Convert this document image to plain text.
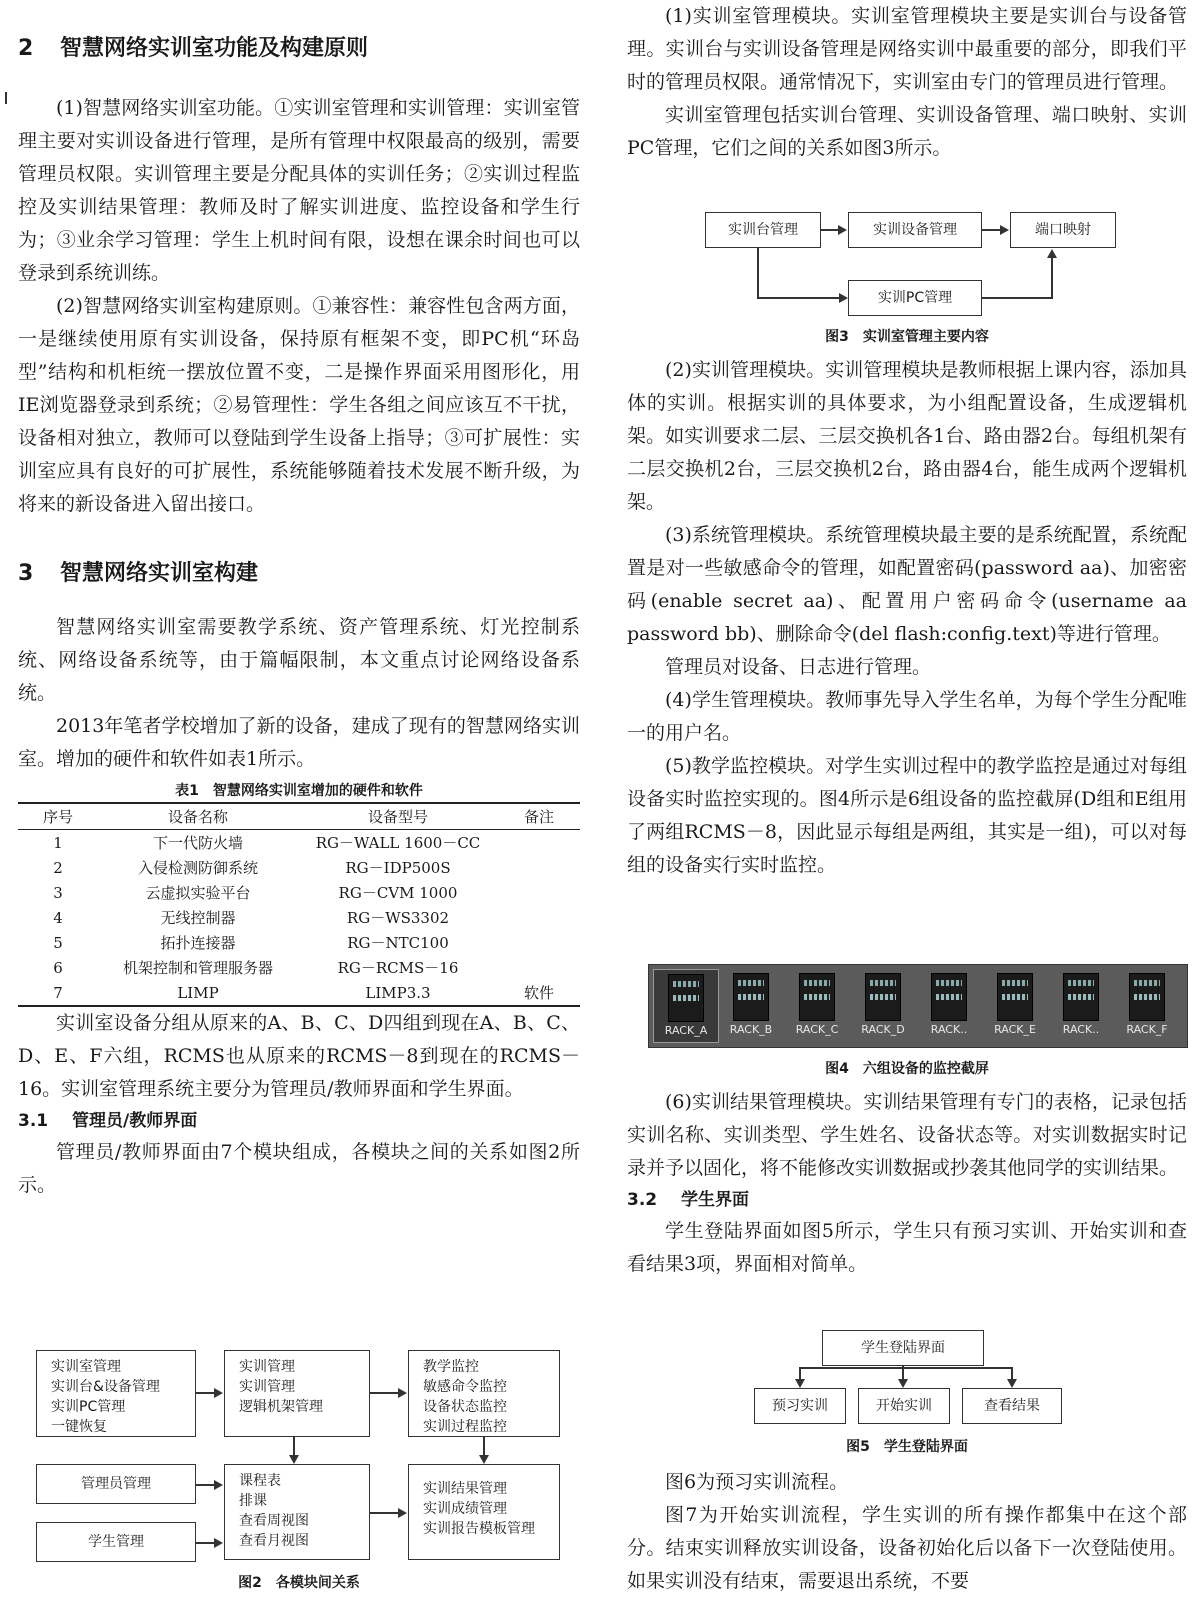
2 智慧网络实训室功能及构建原则

(1)智慧网络实训室功能。①实训室管理和实训管理：实训室管理主要对实训设备进行管理，是所有管理中权限最高的级别，需要管理员权限。实训管理主要是分配具体的实训任务；②实训过程监控及实训结果管理：教师及时了解实训进度、监控设备和学生行为；③业余学习管理：学生上机时间有限，设想在课余时间也可以登录到系统训练。

(2)智慧网络实训室构建原则。①兼容性：兼容性包含两方面，一是继续使用原有实训设备，保持原有框架不变，即PC机“环岛型”结构和机柜统一摆放位置不变，二是操作界面采用图形化，用IE浏览器登录到系统；②易管理性：学生各组之间应该互不干扰，设备相对独立，教师可以登陆到学生设备上指导；③可扩展性：实训室应具有良好的可扩展性，系统能够随着技术发展不断升级，为将来的新设备进入留出接口。

3 智慧网络实训室构建

智慧网络实训室需要教学系统、资产管理系统、灯光控制系统、网络设备系统等，由于篇幅限制，本文重点讨论网络设备系统。

2013年笔者学校增加了新的设备，建成了现有的智慧网络实训室。增加的硬件和软件如表1所示。

表1　智慧网络实训室增加的硬件和软件
序号	设备名称	设备型号	备注
1	下一代防火墙	RG－WALL 1600－CC	
2	入侵检测防御系统	RG－IDP500S	
3	云虚拟实验平台	RG－CVM 1000	
4	无线控制器	RG－WS3302	
5	拓扑连接器	RG－NTC100	
6	机架控制和管理服务器	RG－RCMS－16	
7	LIMP	LIMP3.3	软件

实训室设备分组从原来的A、B、C、D四组到现在A、B、C、D、E、F六组，RCMS也从原来的RCMS－8到现在的RCMS－16。实训室管理系统主要分为管理员/教师界面和学生界面。

3.1 管理员/教师界面

管理员/教师界面由7个模块组成，各模块之间的关系如图2所示。

实训室管理
实训台&设备管理
实训PC管理
一键恢复
实训管理
实训管理
逻辑机架管理
教学监控
敏感命令监控
设备状态监控
实训过程监控
管理员管理	课程表
排课
查看周视图
查看月视图
实训结果管理
实训成绩管理
实训报告模板管理
学生管理
图2　各模块间关系

(1)实训室管理模块。实训室管理模块主要是实训台与设备管理。实训台与实训设备管理是网络实训中最重要的部分，即我们平时的管理员权限。通常情况下，实训室由专门的管理员进行管理。

实训室管理包括实训台管理、实训设备管理、端口映射、实训PC管理，它们之间的关系如图3所示。

实训台管理	实训设备管理	端口映射
实训PC管理
图3　实训室管理主要内容

(2)实训管理模块。实训管理模块是教师根据上课内容，添加具体的实训。根据实训的具体要求，为小组配置设备，生成逻辑机架。如实训要求二层、三层交换机各1台、路由器2台。每组机架有二层交换机2台，三层交换机2台，路由器4台，能生成两个逻辑机架。

(3)系统管理模块。系统管理模块最主要的是系统配置，系统配置是对一些敏感命令的管理，如配置密码(password aa)、加密密码(enable secret aa)、配置用户密码命令(username aa password bb)、删除命令(del flash:config.text)等进行管理。

管理员对设备、日志进行管理。

(4)学生管理模块。教师事先导入学生名单，为每个学生分配唯一的用户名。

(5)教学监控模块。对学生实训过程中的教学监控是通过对每组设备实时监控实现的。图4所示是6组设备的监控截屏(D组和E组用了两组RCMS－8，因此显示每组是两组，其实是一组)，可以对每组的设备实行实时监控。

RACK_A	RACK_B	RACK_C	RACK_D	RACK..	RACK_E	RACK..	RACK_F
图4　六组设备的监控截屏

(6)实训结果管理模块。实训结果管理有专门的表格，记录包括实训名称、实训类型、学生姓名、设备状态等。对实训数据实时记录并予以固化，将不能修改实训数据或抄袭其他同学的实训结果。

3.2 学生界面

学生登陆界面如图5所示，学生只有预习实训、开始实训和查看结果3项，界面相对简单。

学生登陆界面
预习实训	开始实训	查看结果
图5　学生登陆界面

图6为预习实训流程。

图7为开始实训流程，学生实训的所有操作都集中在这个部分。结束实训释放实训设备，设备初始化后以备下一次登陆使用。如果实训没有结束，需要退出系统，不要
